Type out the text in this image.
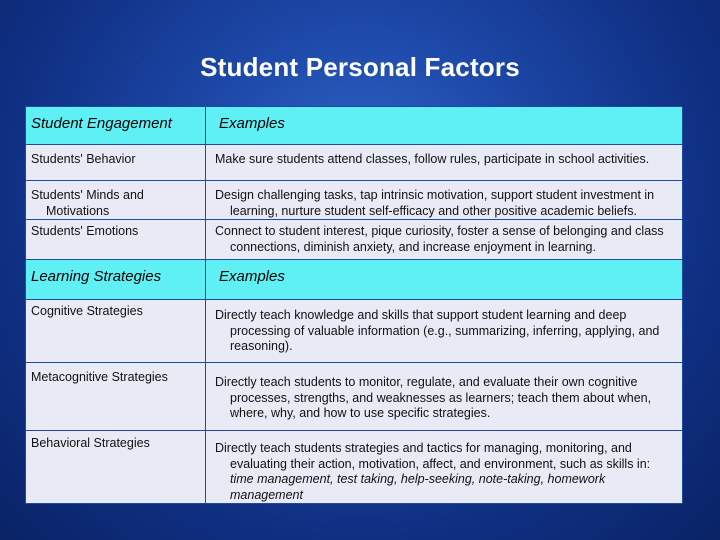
Student Personal Factors
Student Engagement	Examples

Students' Behavior	Make sure students attend classes, follow rules, participate in school activities.

Students' Minds and Motivations	Design challenging tasks, tap intrinsic motivation, support student investment in learning, nurture student self-efficacy and other positive academic beliefs.

Students' Emotions	Connect to student interest, pique curiosity, foster a sense of belonging and class connections, diminish anxiety, and increase enjoyment in learning.

Learning Strategies	Examples

Cognitive Strategies	Directly teach knowledge and skills that support student learning and deep processing of valuable information (e.g., summarizing, inferring, applying, and reasoning).

Metacognitive Strategies	Directly teach students to monitor, regulate, and evaluate their own cognitive processes, strengths, and weaknesses as learners; teach them about when, where, why, and how to use specific strategies.

Behavioral Strategies	Directly teach students strategies and tactics for managing, monitoring, and evaluating their action, motivation, affect, and environment, such as skills in: time management, test taking, help-seeking, note-taking, homework management
